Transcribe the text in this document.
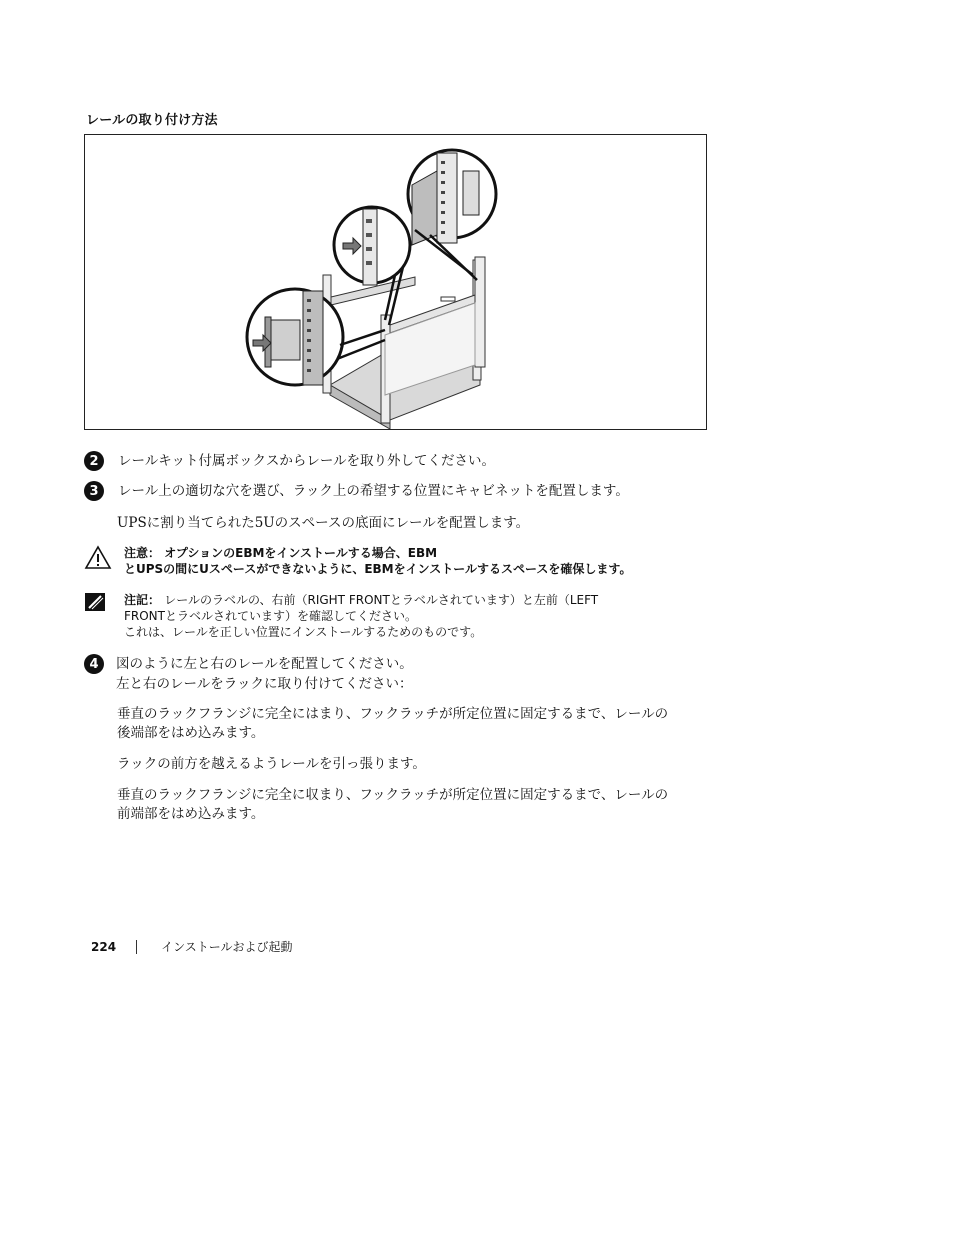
レールの取り付け方法
2	レールキット付属ボックスからレールを取り外してください。
3	レール上の適切な穴を選び、ラック上の希望する位置にキャビネットを配置します。
UPSに割り当てられた5Uのスペースの底面にレールを配置します。
注意： オプションのEBMをインストールする場合、EBM
とUPSの間にUスペースができないように、EBMをインストールするスペースを確保します。
注記： レールのラベルの、右前（RIGHT FRONTとラベルされています）と左前（LEFT
FRONTとラベルされています）を確認してください。
これは、レールを正しい位置にインストールするためのものです。
4	図のように左と右のレールを配置してください。
左と右のレールをラックに取り付けてください：
垂直のラックフランジに完全にはまり、フックラッチが所定位置に固定するまで、レールの
後端部をはめ込みます。
ラックの前方を越えるようレールを引っ張ります。
垂直のラックフランジに完全に収まり、フックラッチが所定位置に固定するまで、レールの
前端部をはめ込みます。
224	インストールおよび起動
